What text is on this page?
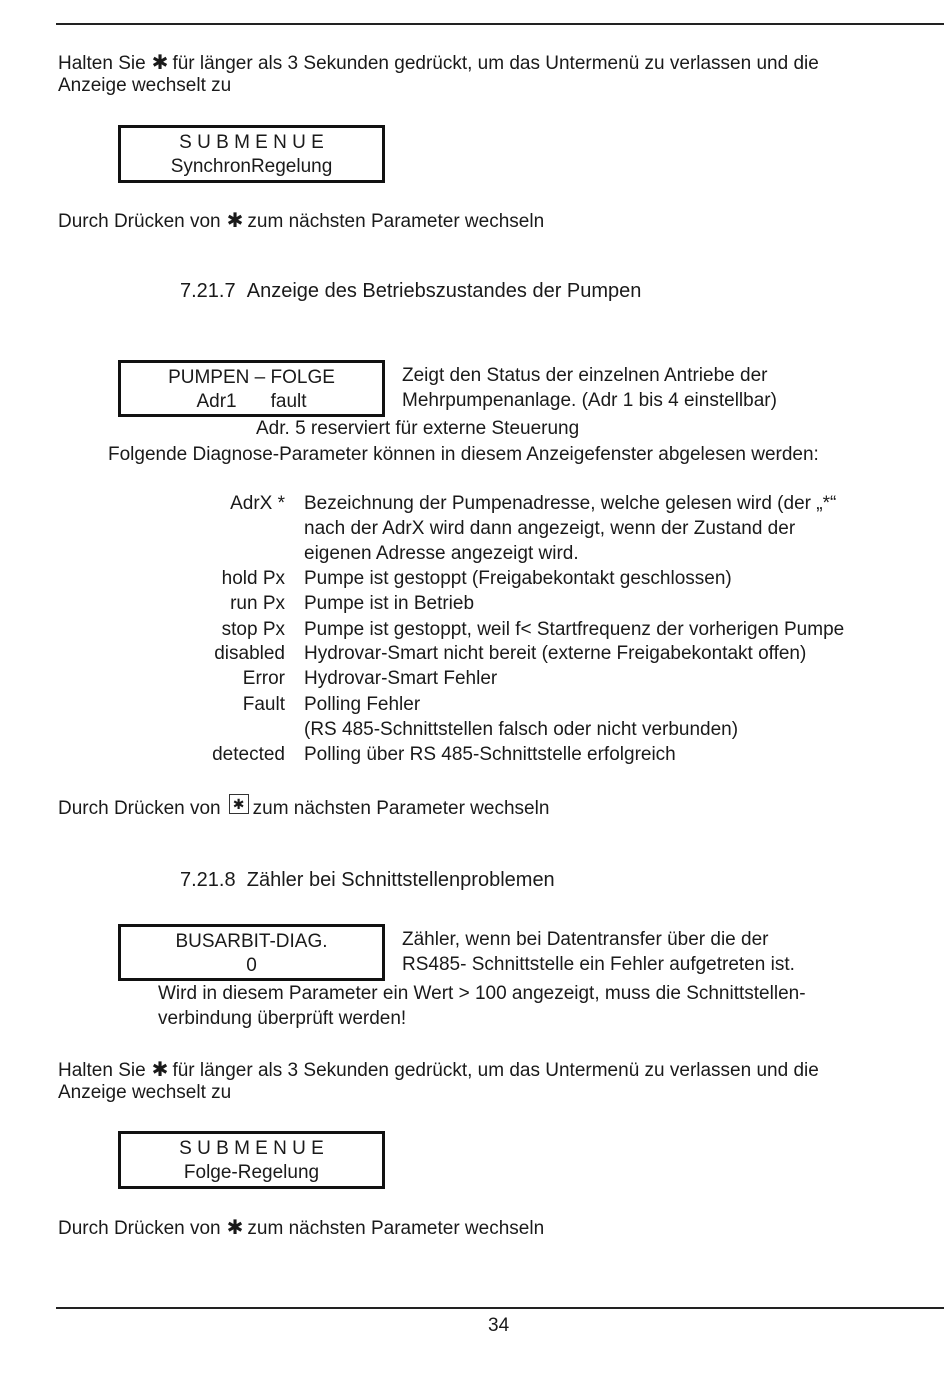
Halten Sie ✱ für länger als 3 Sekunden gedrückt, um das Untermenü zu verlassen und die
Anzeige wechselt zu
S U B M E N U E
SynchronRegelung
Durch Drücken von ✱ zum nächsten Parameter wechseln
7.21.7 Anzeige des Betriebszustandes der Pumpen
PUMPEN – FOLGE
Adr1 fault
Zeigt den Status der einzelnen Antriebe der
Mehrpumpenanlage. (Adr 1 bis 4 einstellbar)
Adr. 5 reserviert für externe Steuerung
Folgende Diagnose-Parameter können in diesem Anzeigefenster abgelesen werden:
AdrX * Bezeichnung der Pumpenadresse, welche gelesen wird (der „*“
nach der AdrX wird dann angezeigt, wenn der Zustand der
eigenen Adresse angezeigt wird.
hold Px Pumpe ist gestoppt (Freigabekontakt geschlossen)
run Px Pumpe ist in Betrieb
stop Px Pumpe ist gestoppt, weil f< Startfrequenz der vorherigen Pumpe
disabled Hydrovar-Smart nicht bereit (externe Freigabekontakt offen)
Error Hydrovar-Smart Fehler
Fault Polling Fehler
(RS 485-Schnittstellen falsch oder nicht verbunden)
detected Polling über RS 485-Schnittstelle erfolgreich
Durch Drücken von ✱ zum nächsten Parameter wechseln
7.21.8 Zähler bei Schnittstellenproblemen
BUSARBIT-DIAG.
0
Zähler, wenn bei Datentransfer über die der
RS485- Schnittstelle ein Fehler aufgetreten ist.
Wird in diesem Parameter ein Wert > 100 angezeigt, muss die Schnittstellen-
verbindung überprüft werden!
Halten Sie ✱ für länger als 3 Sekunden gedrückt, um das Untermenü zu verlassen und die
Anzeige wechselt zu
S U B M E N U E
Folge-Regelung
Durch Drücken von ✱ zum nächsten Parameter wechseln
34
